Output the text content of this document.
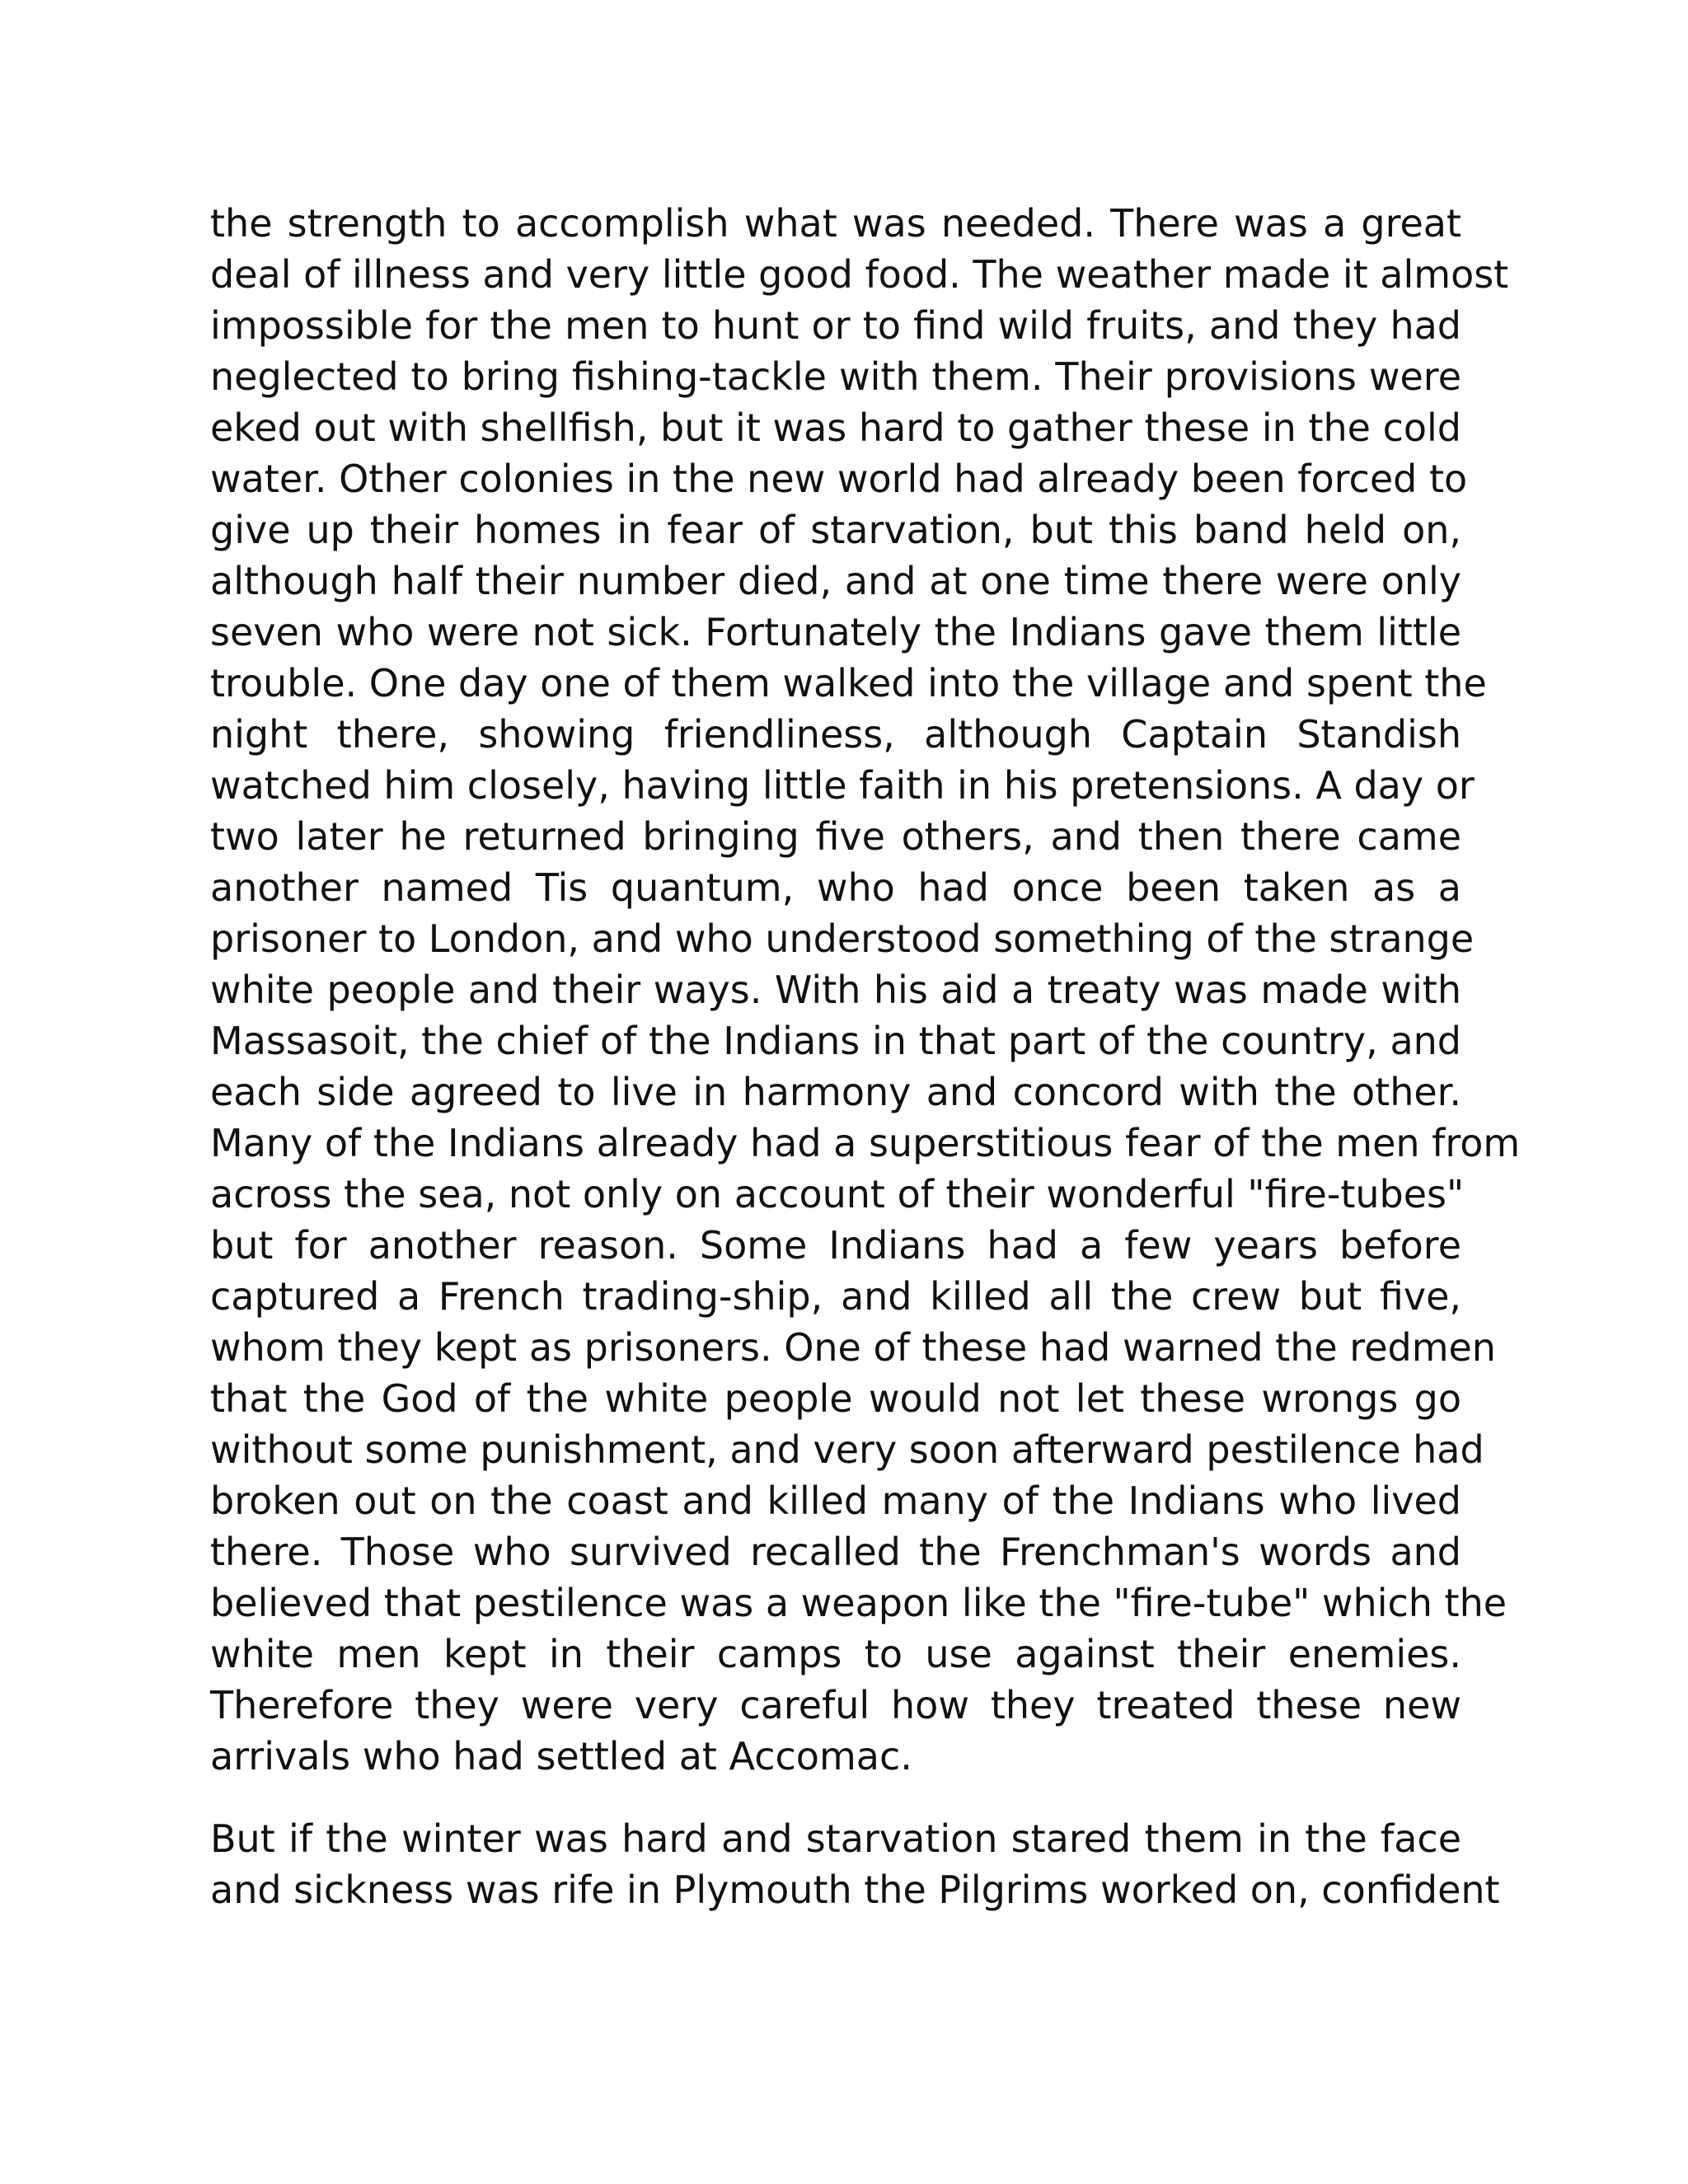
the strength to accomplish what was needed. There was a great
deal of illness and very little good food. The weather made it almost
impossible for the men to hunt or to find wild fruits, and they had
neglected to bring fishing-tackle with them. Their provisions were
eked out with shellfish, but it was hard to gather these in the cold
water. Other colonies in the new world had already been forced to
give up their homes in fear of starvation, but this band held on,
although half their number died, and at one time there were only
seven who were not sick. Fortunately the Indians gave them little
trouble. One day one of them walked into the village and spent the
night there, showing friendliness, although Captain Standish
watched him closely, having little faith in his pretensions. A day or
two later he returned bringing five others, and then there came
another named Tis quantum, who had once been taken as a
prisoner to London, and who understood something of the strange
white people and their ways. With his aid a treaty was made with
Massasoit, the chief of the Indians in that part of the country, and
each side agreed to live in harmony and concord with the other.
Many of the Indians already had a superstitious fear of the men from
across the sea, not only on account of their wonderful "fire-tubes"
but for another reason. Some Indians had a few years before
captured a French trading-ship, and killed all the crew but five,
whom they kept as prisoners. One of these had warned the redmen
that the God of the white people would not let these wrongs go
without some punishment, and very soon afterward pestilence had
broken out on the coast and killed many of the Indians who lived
there. Those who survived recalled the Frenchman's words and
believed that pestilence was a weapon like the "fire-tube" which the
white men kept in their camps to use against their enemies.
Therefore they were very careful how they treated these new
arrivals who had settled at Accomac.
But if the winter was hard and starvation stared them in the face
and sickness was rife in Plymouth the Pilgrims worked on, confident
